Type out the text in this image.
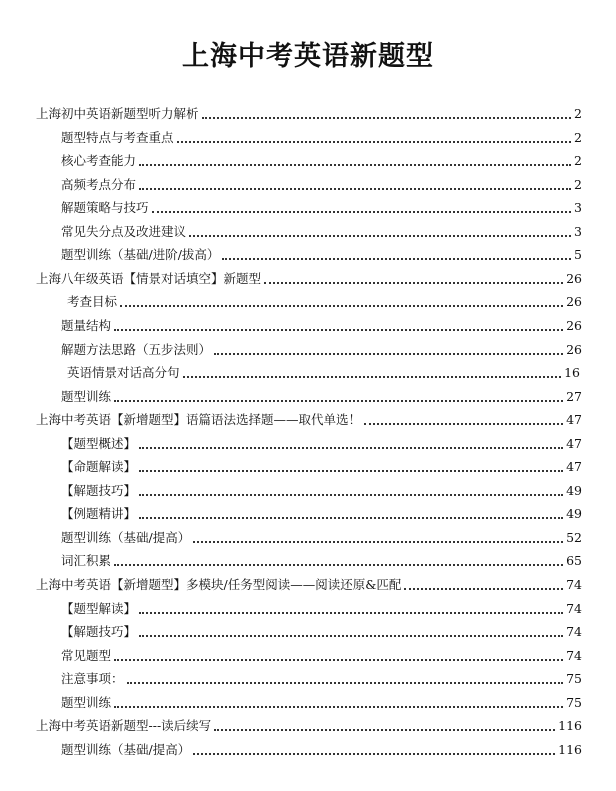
上海中考英语新题型
上海初中英语新题型听力解析	2
题型特点与考查重点	2
核心考查能力	2
高频考点分布	2
解题策略与技巧	3
常见失分点及改进建议	3
题型训练（基础/进阶/拔高）	5
上海八年级英语【情景对话填空】新题型	26
考查目标	26
题量结构	26
解题方法思路（五步法则）	26
英语情景对话高分句	16
题型训练	27
上海中考英语【新增题型】语篇语法选择题——取代单选！	47
【题型概述】	47
【命题解读】	47
【解题技巧】	49
【例题精讲】	49
题型训练（基础/提高）	52
词汇积累	65
上海中考英语【新增题型】多模块/任务型阅读——阅读还原&匹配	74
【题型解读】	74
【解题技巧】	74
常见题型	74
注意事项：	75
题型训练	75
上海中考英语新题型---读后续写	116
题型训练（基础/提高）	116
